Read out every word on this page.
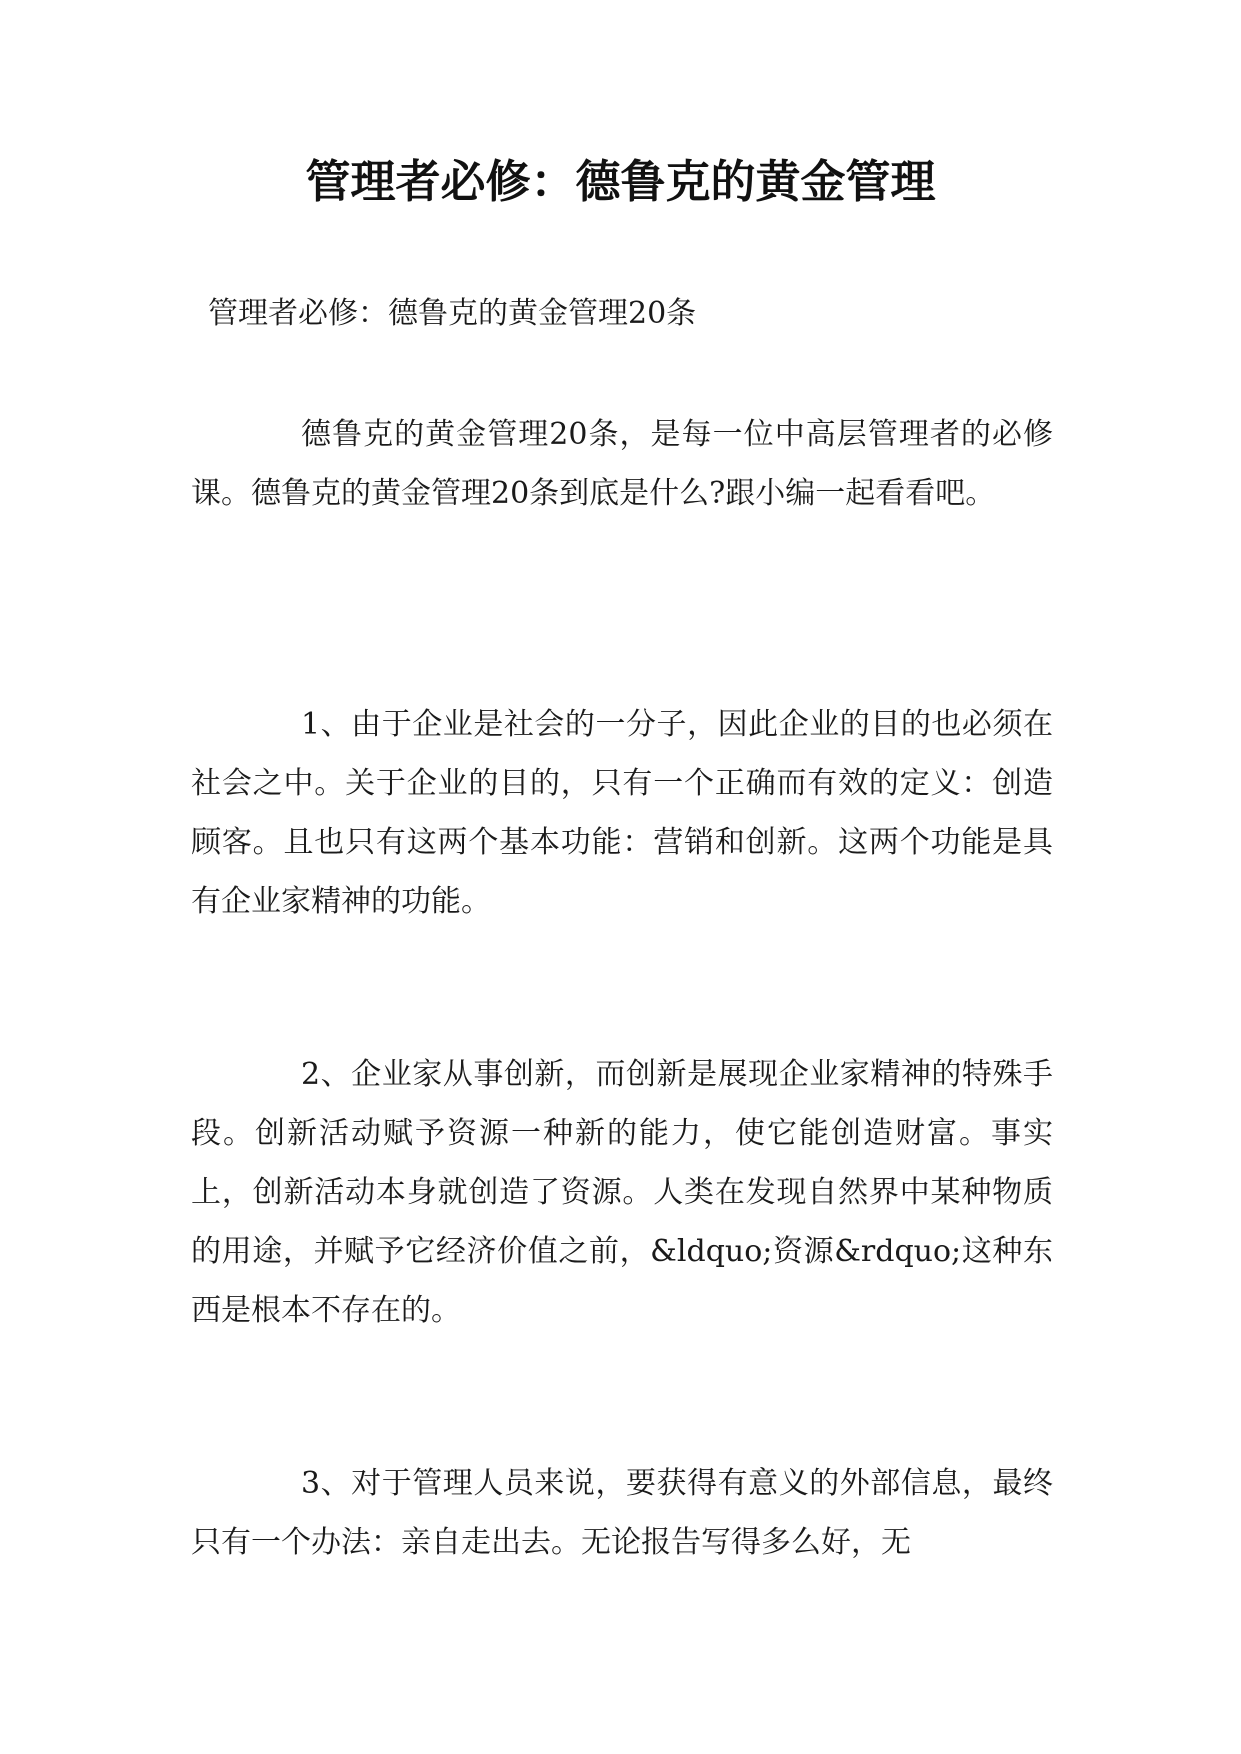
管理者必修：德鲁克的黄金管理

管理者必修：德鲁克的黄金管理20条

德鲁克的黄金管理20条，是每一位中高层管理者的必修课。德鲁克的黄金管理20条到底是什么?跟小编一起看看吧。

1、由于企业是社会的一分子，因此企业的目的也必须在社会之中。关于企业的目的，只有一个正确而有效的定义：创造顾客。且也只有这两个基本功能：营销和创新。这两个功能是具有企业家精神的功能。

2、企业家从事创新，而创新是展现企业家精神的特殊手段。创新活动赋予资源一种新的能力，使它能创造财富。事实上，创新活动本身就创造了资源。人类在发现自然界中某种物质的用途，并赋予它经济价值之前，&ldquo;资源&rdquo;这种东西是根本不存在的。

3、对于管理人员来说，要获得有意义的外部信息，最终只有一个办法：亲自走出去。无论报告写得多么好，无
